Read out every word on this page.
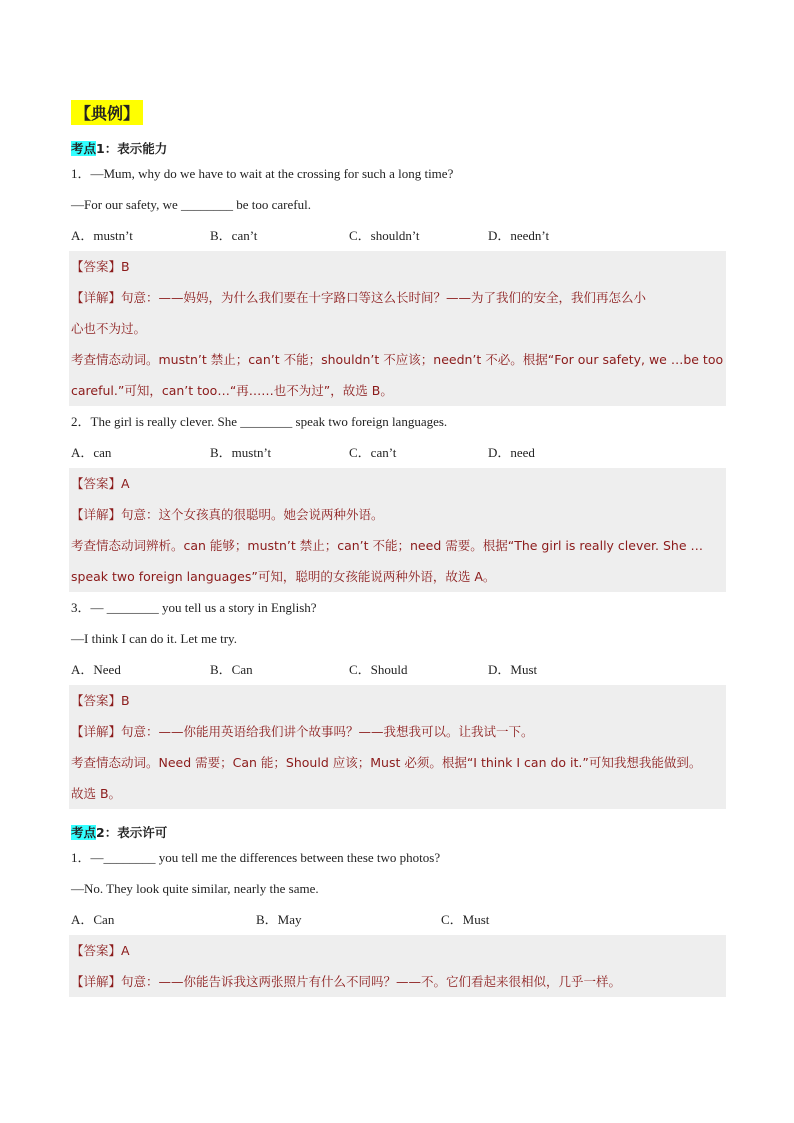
【典例】
考点1：表示能力
1．—Mum, why do we have to wait at the crossing for such a long time?
—For our safety, we ________ be too careful.
A．mustn’t	B．can’t	C．shouldn’t	D．needn’t
【答案】B
【详解】句意：——妈妈，为什么我们要在十字路口等这么长时间？——为了我们的安全，我们再怎么小
心也不为过。
考查情态动词。mustn’t 禁止；can’t 不能；shouldn’t 不应该；needn’t 不必。根据“For our safety, we …be too
careful.”可知，can’t too…“再……也不为过”，故选 B。
2．The girl is really clever. She ________ speak two foreign languages.
A．can	B．mustn’t	C．can’t	D．need
【答案】A
【详解】句意：这个女孩真的很聪明。她会说两种外语。
考查情态动词辨析。can 能够；mustn’t 禁止；can’t 不能；need 需要。根据“The girl is really clever. She …
speak two foreign languages”可知，聪明的女孩能说两种外语，故选 A。
3．— ________ you tell us a story in English?
—I think I can do it. Let me try.
A．Need	B．Can	C．Should	D．Must
【答案】B
【详解】句意：——你能用英语给我们讲个故事吗？——我想我可以。让我试一下。
考查情态动词。Need 需要；Can 能；Should 应该；Must 必须。根据“I think I can do it.”可知我想我能做到。
故选 B。
考点2：表示许可
1．—________ you tell me the differences between these two photos?
—No. They look quite similar, nearly the same.
A．Can	B．May	C．Must
【答案】A
【详解】句意：——你能告诉我这两张照片有什么不同吗？——不。它们看起来很相似，几乎一样。
